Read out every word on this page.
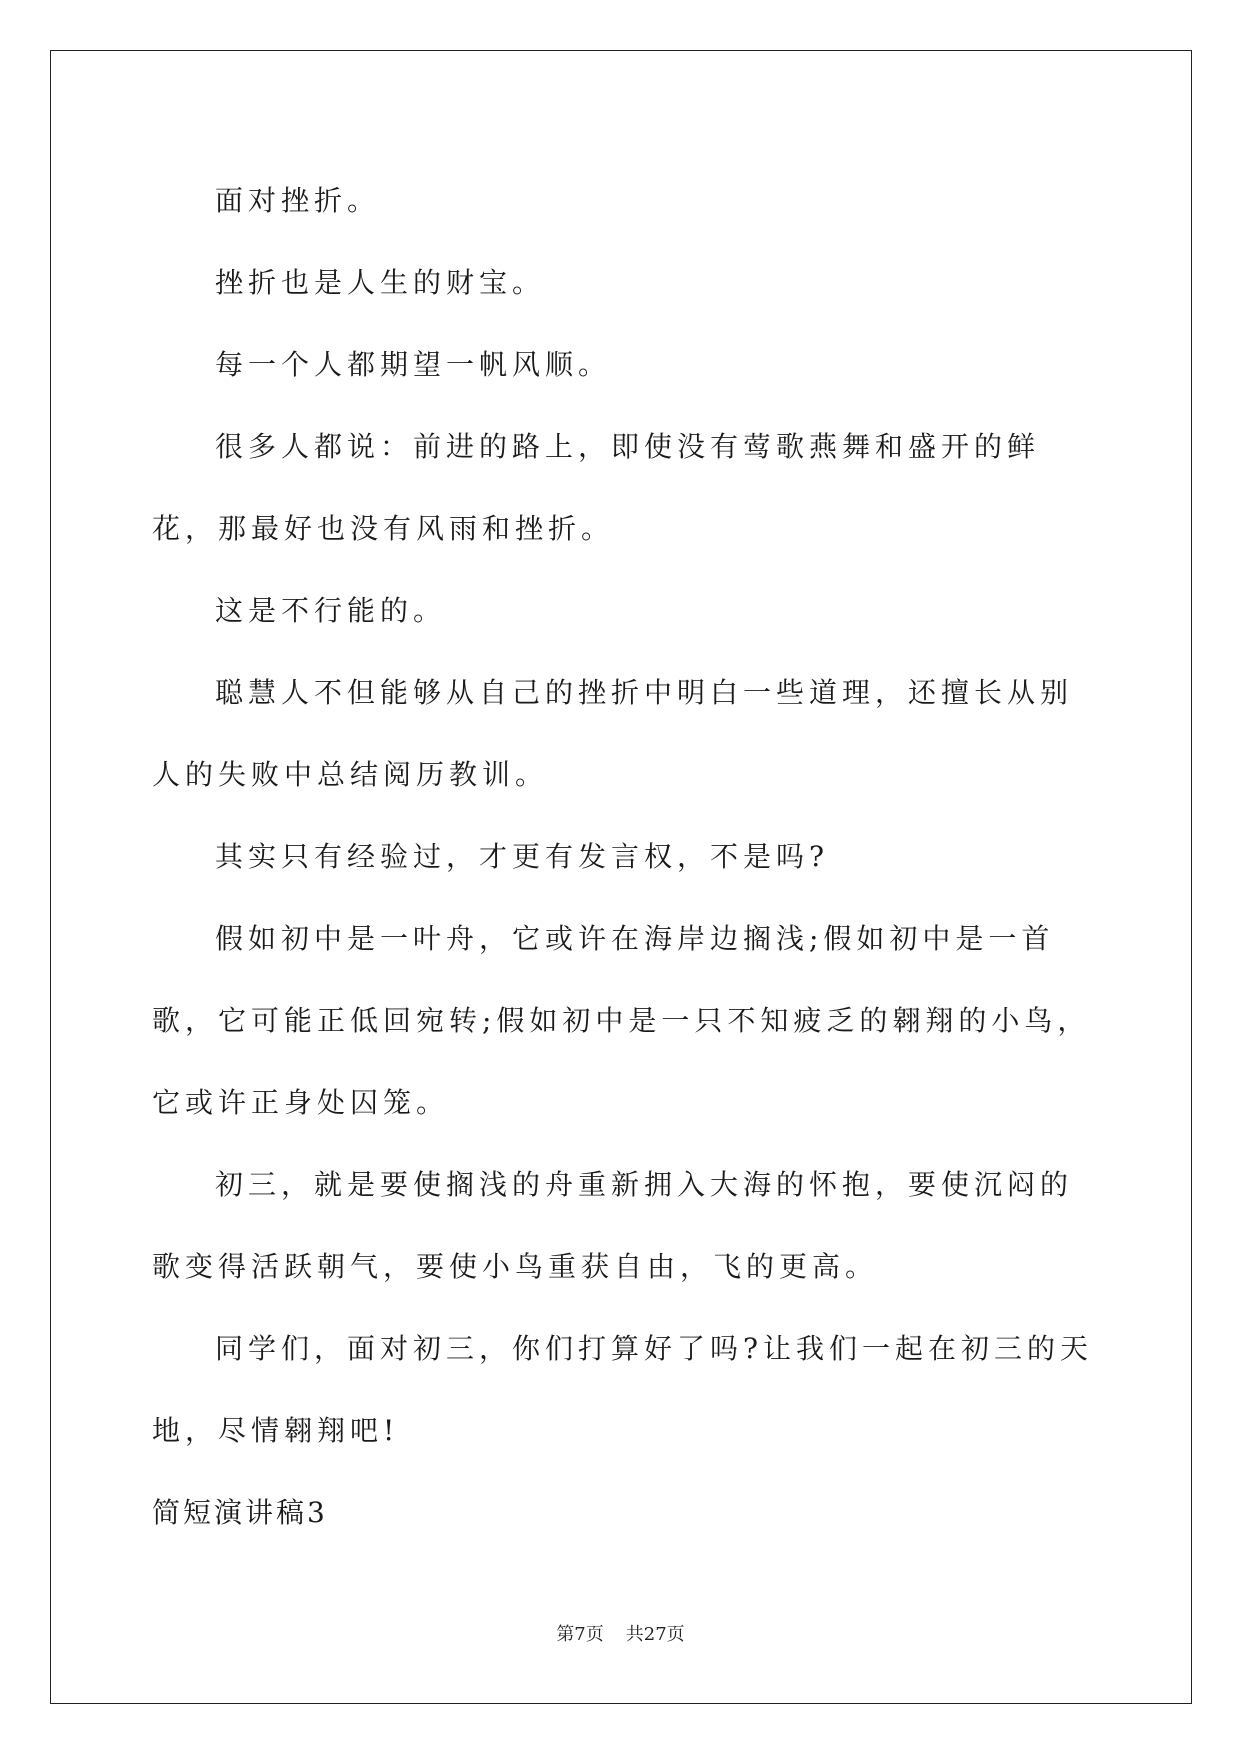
面对挫折。

挫折也是人生的财宝。

每一个人都期望一帆风顺。

很多人都说：前进的路上，即使没有莺歌燕舞和盛开的鲜花，那最好也没有风雨和挫折。

这是不行能的。

聪慧人不但能够从自己的挫折中明白一些道理，还擅长从别人的失败中总结阅历教训。

其实只有经验过，才更有发言权，不是吗?

假如初中是一叶舟，它或许在海岸边搁浅;假如初中是一首歌，它可能正低回宛转;假如初中是一只不知疲乏的翱翔的小鸟，它或许正身处囚笼。

初三，就是要使搁浅的舟重新拥入大海的怀抱，要使沉闷的歌变得活跃朝气，要使小鸟重获自由，飞的更高。

同学们，面对初三，你们打算好了吗?让我们一起在初三的天地，尽情翱翔吧!

简短演讲稿3

第7页 共27页
